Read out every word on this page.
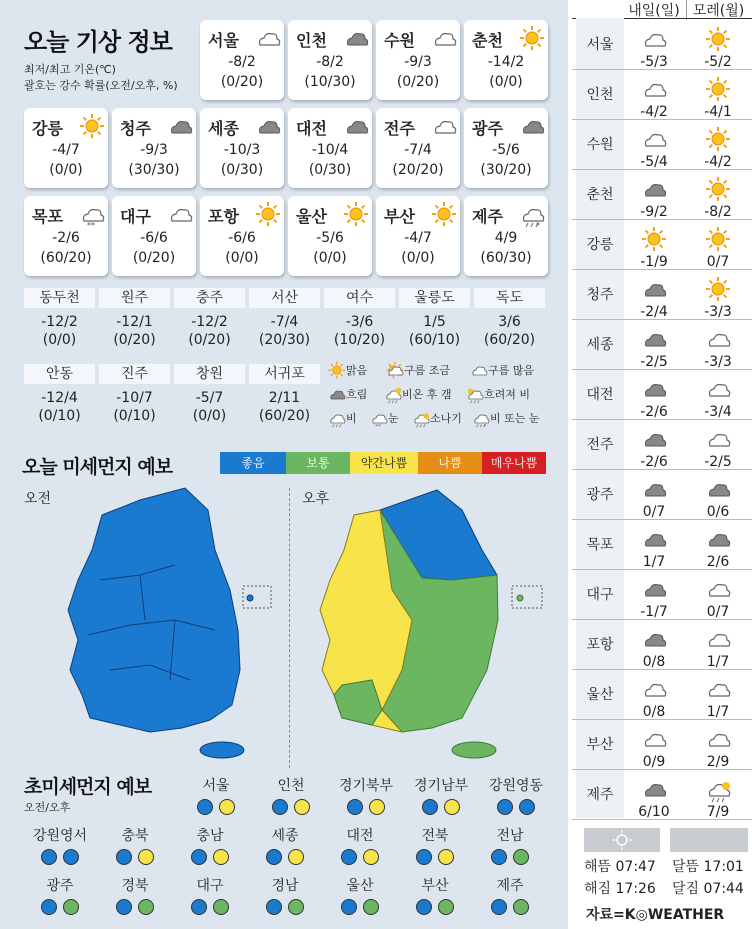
오늘 기상 정보
최저/최고 기온(℃)
괄호는 강수 확률(오전/오후, %)
서울
-8/2
(0/20)
인천
-8/2
(10/30)
수원
-9/3
(0/20)
춘천
-14/2
(0/0)
강릉
-4/7
(0/0)
청주
-9/3
(30/30)
세종
-10/3
(0/30)
대전
-10/4
(0/30)
전주
-7/4
(20/20)
광주
-5/6
(30/20)
목포	**
-2/6
(60/20)
대구
-6/6
(0/20)
포항
-6/6
(0/0)
울산
-5/6
(0/0)
부산
-4/7
(0/0)
제주	*
4/9
(60/30)
동두천
-12/2
(0/0)
원주
-12/1
(0/20)
충주
-12/2
(0/20)
서산
-7/4
(20/30)
여수
-3/6
(10/20)
울릉도
1/5
(60/10)
독도
3/6
(60/20)
안동
-12/4
(0/10)
진주
-10/7
(0/10)
창원
-5/7
(0/0)
서귀포
2/11
(60/20)
맑음	구름 조금	구름 많음
흐림	비온 후 갬	흐려져 비
비
**
눈	소나기
*
비 또는 눈
오늘 미세먼지 예보	좋음	보통	약간나쁨	나쁨	매우나쁨
오전	오후
초미세먼지 예보
오전/오후
서울	인천	경기북부	경기남부	강원영동
강원영서	충북	충남	세종	대전	전북	전남
광주	경북	대구	경남	울산	부산	제주
내일(일) 모레(월)
서울
-5/3	-5/2
인천
-4/2	-4/1
수원
-5/4	-4/2
춘천
-9/2	-8/2
강릉
-1/9	0/7
청주
-2/4	-3/3
세종
-2/5	-3/3
대전
-2/6	-3/4
전주
-2/6	-2/5
광주
0/7	0/6
목포
1/7	2/6
대구
-1/7	0/7
포항
0/8	1/7
울산
0/8	1/7
부산
0/9	2/9
제주
6/10	7/9
해뜸 07:47
해짐 17:26
달뜸 17:01
달짐 07:44
자료=K◎WEATHER
